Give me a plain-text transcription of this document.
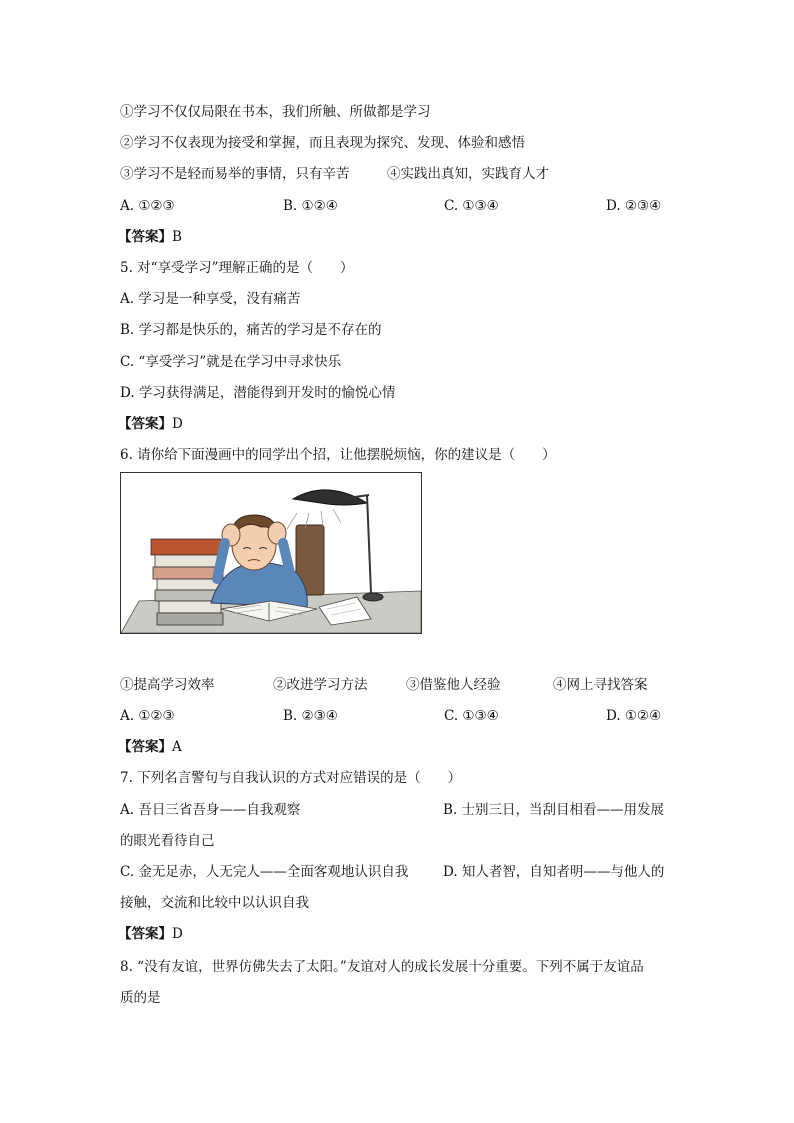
①学习不仅仅局限在书本，我们所触、所做都是学习
②学习不仅表现为接受和掌握，而且表现为探究、发现、体验和感悟
③学习不是轻而易举的事情，只有辛苦	④实践出真知，实践育人才
A. ①②③	B. ①②④	C. ①③④	D. ②③④
【答案】B
5. 对“享受学习”理解正确的是（　　）
A. 学习是一种享受，没有痛苦
B. 学习都是快乐的，痛苦的学习是不存在的
C. “享受学习”就是在学习中寻求快乐
D. 学习获得满足，潜能得到开发时的愉悦心情
【答案】D
6. 请你给下面漫画中的同学出个招，让他摆脱烦恼，你的建议是（　　）
①提高学习效率	②改进学习方法	③借鉴他人经验	④网上寻找答案
A. ①②③	B. ②③④	C. ①③④	D. ①②④
【答案】A
7. 下列名言警句与自我认识的方式对应错误的是（　　）
A. 吾日三省吾身——自我观察	B. 士别三日，当刮目相看——用发展
的眼光看待自己
C. 金无足赤，人无完人——全面客观地认识自我	D. 知人者智，自知者明——与他人的
接触，交流和比较中以认识自我
【答案】D
8. “没有友谊，世界仿佛失去了太阳。”友谊对人的成长发展十分重要。下列不属于友谊品
质的是
